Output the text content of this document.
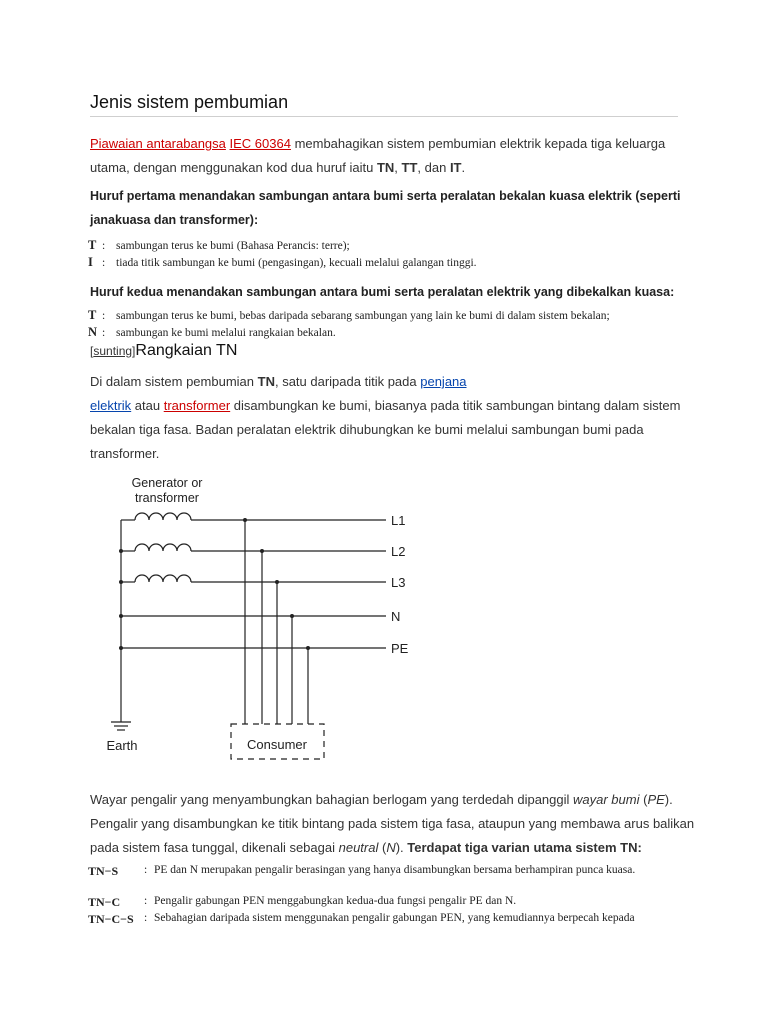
Jenis sistem pembumian
Piawaian antarabangsa IEC 60364 membahagikan sistem pembumian elektrik kepada tiga keluarga
utama, dengan menggunakan kod dua huruf iaitu TN, TT, dan IT.
Huruf pertama menandakan sambungan antara bumi serta peralatan bekalan kuasa elektrik (seperti
janakuasa dan transformer):
T : sambungan terus ke bumi (Bahasa Perancis: terre);
I : tiada titik sambungan ke bumi (pengasingan), kecuali melalui galangan tinggi.
Huruf kedua menandakan sambungan antara bumi serta peralatan elektrik yang dibekalkan kuasa:
T : sambungan terus ke bumi, bebas daripada sebarang sambungan yang lain ke bumi di dalam sistem bekalan;
N : sambungan ke bumi melalui rangkaian bekalan.
[sunting]Rangkaian TN
Di dalam sistem pembumian TN, satu daripada titik pada penjana
elektrik atau transformer disambungkan ke bumi, biasanya pada titik sambungan bintang dalam sistem
bekalan tiga fasa. Badan peralatan elektrik dihubungkan ke bumi melalui sambungan bumi pada
transformer.
Generator or
transformer
L1
L2
L3
N
PE
Earth	Consumer
Wayar pengalir yang menyambungkan bahagian berlogam yang terdedah dipanggil wayar bumi (PE).
Pengalir yang disambungkan ke titik bintang pada sistem tiga fasa, ataupun yang membawa arus balikan
pada sistem fasa tunggal, dikenali sebagai neutral (N). Terdapat tiga varian utama sistem TN:
TN−S : PE dan N merupakan pengalir berasingan yang hanya disambungkan bersama berhampiran punca kuasa.
TN−C : Pengalir gabungan PEN menggabungkan kedua-dua fungsi pengalir PE dan N.
TN−C−S : Sebahagian daripada sistem menggunakan pengalir gabungan PEN, yang kemudiannya berpecah kepada
